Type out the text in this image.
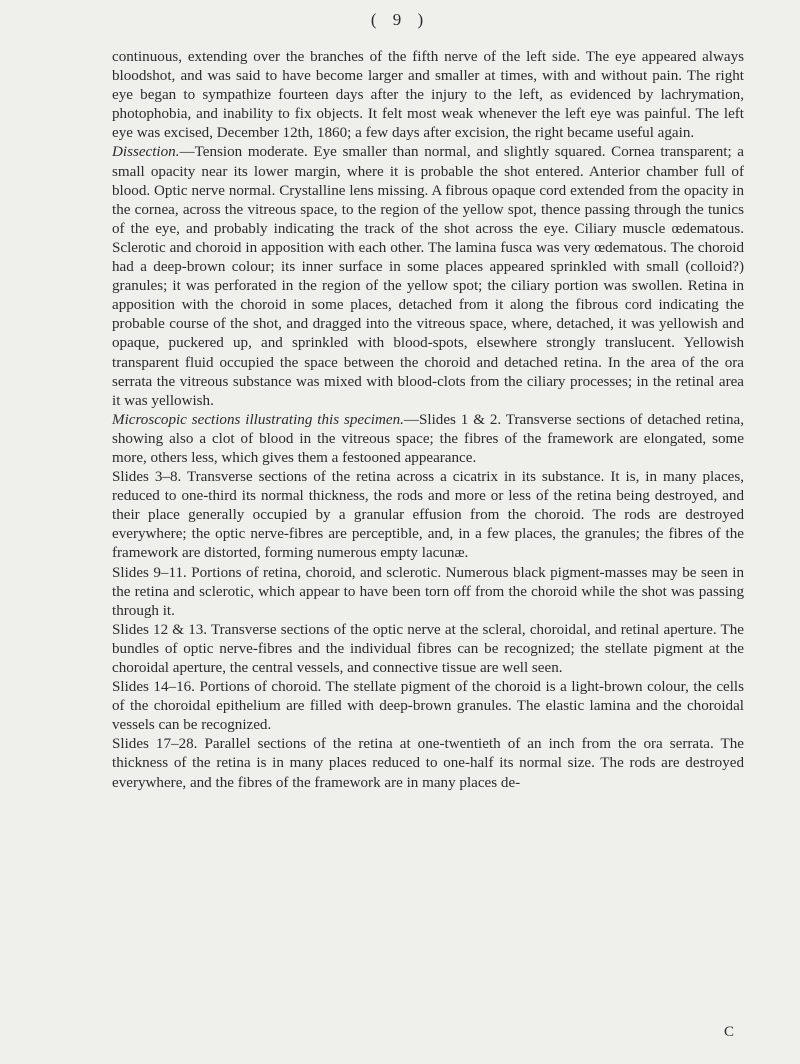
( 9 )

continuous, extending over the branches of the fifth nerve of the left side. The eye appeared always bloodshot, and was said to have become larger and smaller at times, with and without pain. The right eye began to sympathize fourteen days after the injury to the left, as evidenced by lachrymation, photophobia, and inability to fix objects. It felt most weak whenever the left eye was painful. The left eye was excised, December 12th, 1860; a few days after excision, the right became useful again.

Dissection.—Tension moderate. Eye smaller than normal, and slightly squared. Cornea transparent; a small opacity near its lower margin, where it is probable the shot entered. Anterior chamber full of blood. Optic nerve normal. Crystalline lens missing. A fibrous opaque cord extended from the opacity in the cornea, across the vitreous space, to the region of the yellow spot, thence passing through the tunics of the eye, and probably indicating the track of the shot across the eye. Ciliary muscle œdematous. Sclerotic and choroid in apposition with each other. The lamina fusca was very œdematous. The choroid had a deep-brown colour; its inner surface in some places appeared sprinkled with small (colloid?) granules; it was perforated in the region of the yellow spot; the ciliary portion was swollen. Retina in apposition with the choroid in some places, detached from it along the fibrous cord indicating the probable course of the shot, and dragged into the vitreous space, where, detached, it was yellowish and opaque, puckered up, and sprinkled with blood-spots, elsewhere strongly translucent. Yellowish transparent fluid occupied the space between the choroid and detached retina. In the area of the ora serrata the vitreous substance was mixed with blood-clots from the ciliary processes; in the retinal area it was yellowish.

Microscopic sections illustrating this specimen.—Slides 1 & 2. Transverse sections of detached retina, showing also a clot of blood in the vitreous space; the fibres of the framework are elongated, some more, others less, which gives them a festooned appearance.

Slides 3–8. Transverse sections of the retina across a cicatrix in its substance. It is, in many places, reduced to one-third its normal thickness, the rods and more or less of the retina being destroyed, and their place generally occupied by a granular effusion from the choroid. The rods are destroyed everywhere; the optic nerve-fibres are perceptible, and, in a few places, the granules; the fibres of the framework are distorted, forming numerous empty lacunæ.

Slides 9–11. Portions of retina, choroid, and sclerotic. Numerous black pigment-masses may be seen in the retina and sclerotic, which appear to have been torn off from the choroid while the shot was passing through it.

Slides 12 & 13. Transverse sections of the optic nerve at the scleral, choroidal, and retinal aperture. The bundles of optic nerve-fibres and the individual fibres can be recognized; the stellate pigment at the choroidal aperture, the central vessels, and connective tissue are well seen.

Slides 14–16. Portions of choroid. The stellate pigment of the choroid is a light-brown colour, the cells of the choroidal epithelium are filled with deep-brown granules. The elastic lamina and the choroidal vessels can be recognized.

Slides 17–28. Parallel sections of the retina at one-twentieth of an inch from the ora serrata. The thickness of the retina is in many places reduced to one-half its normal size. The rods are destroyed everywhere, and the fibres of the framework are in many places de-

C
